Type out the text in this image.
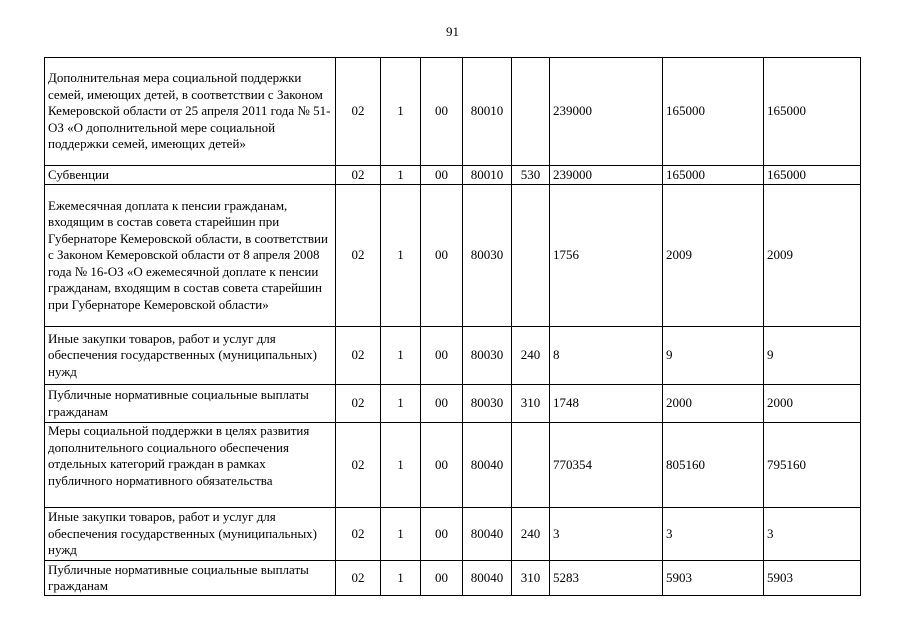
91
Дополнительная мера социальной поддержки семей, имеющих детей, в соответствии с Законом Кемеровской области от 25 апреля 2011 года № 51-ОЗ «О дополнительной мере социальной поддержки семей, имеющих детей»	02	1	00	80010		239000	165000	165000
Субвенции	02	1	00	80010	530	239000	165000	165000
Ежемесячная доплата к пенсии гражданам, входящим в состав совета старейшин при Губернаторе Кемеровской области, в соответствии с Законом Кемеровской области от 8 апреля 2008 года № 16-ОЗ «О ежемесячной доплате к пенсии гражданам, входящим в состав совета старейшин при Губернаторе Кемеровской области»	02	1	00	80030		1756	2009	2009
Иные закупки товаров, работ и услуг для обеспечения государственных (муниципальных) нужд	02	1	00	80030	240	8	9	9
Публичные нормативные социальные выплаты гражданам	02	1	00	80030	310	1748	2000	2000
Меры социальной поддержки в целях развития дополнительного социального обеспечения отдельных категорий граждан в рамках публичного нормативного обязательства	02	1	00	80040		770354	805160	795160
Иные закупки товаров, работ и услуг для обеспечения государственных (муниципальных) нужд	02	1	00	80040	240	3	3	3
Публичные нормативные социальные выплаты гражданам	02	1	00	80040	310	5283	5903	5903
